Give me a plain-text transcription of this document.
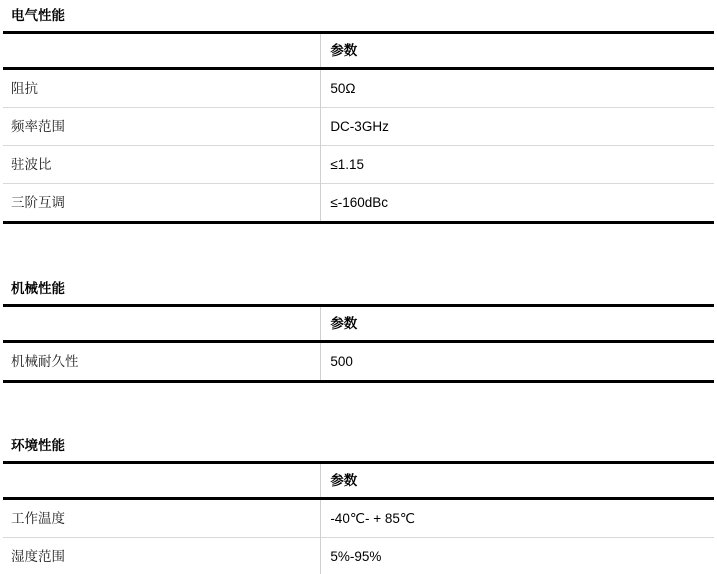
电气性能
	参数
阻抗	50Ω
频率范围	DC-3GHz
驻波比	≤1.15
三阶互调	≤-160dBc
机械性能
	参数
机械耐久性	500
环境性能
	参数
工作温度	-40℃- + 85℃
湿度范围	5%-95%
